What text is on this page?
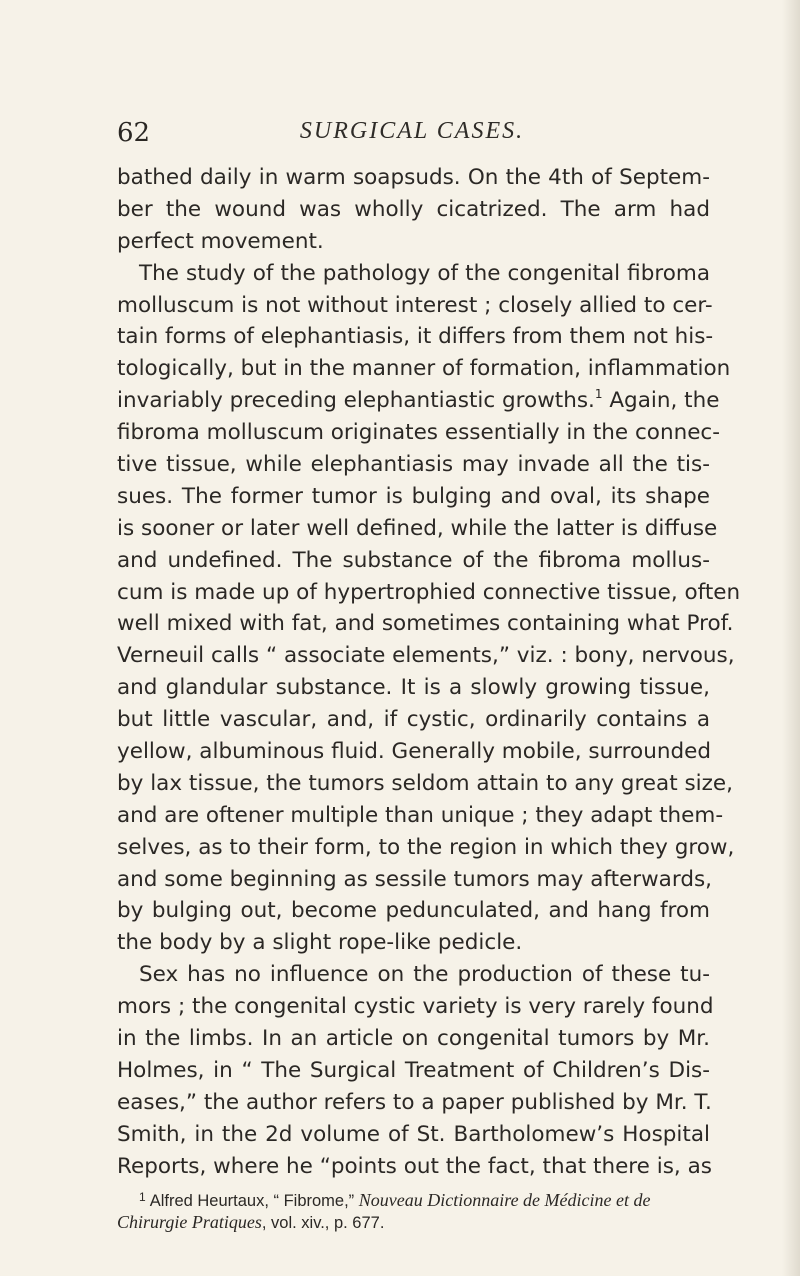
62	SURGICAL CASES.
bathed daily in warm soapsuds. On the 4th of Septem-
ber the wound was wholly cicatrized. The arm had
perfect movement.
The study of the pathology of the congenital fibroma
molluscum is not without interest ; closely allied to cer-
tain forms of elephantiasis, it differs from them not his-
tologically, but in the manner of formation, inflammation
invariably preceding elephantiastic growths.$^1$ Again, the
fibroma molluscum originates essentially in the connec-
tive tissue, while elephantiasis may invade all the tis-
sues. The former tumor is bulging and oval, its shape
is sooner or later well defined, while the latter is diffuse
and undefined. The substance of the fibroma mollus-
cum is made up of hypertrophied connective tissue, often
well mixed with fat, and sometimes containing what Prof.
Verneuil calls “ associate elements,” viz. : bony, nervous,
and glandular substance. It is a slowly growing tissue,
but little vascular, and, if cystic, ordinarily contains a
yellow, albuminous fluid. Generally mobile, surrounded
by lax tissue, the tumors seldom attain to any great size,
and are oftener multiple than unique ; they adapt them-
selves, as to their form, to the region in which they grow,
and some beginning as sessile tumors may afterwards,
by bulging out, become pedunculated, and hang from
the body by a slight rope-like pedicle.
Sex has no influence on the production of these tu-
mors ; the congenital cystic variety is very rarely found
in the limbs. In an article on congenital tumors by Mr.
Holmes, in “ The Surgical Treatment of Children’s Dis-
eases,” the author refers to a paper published by Mr. T.
Smith, in the 2d volume of St. Bartholomew’s Hospital
Reports, where he “points out the fact, that there is, as
$^1$ Alfred Heurtaux, “ Fibrome,” Nouveau Dictionnaire de Médicine et de
Chirurgie Pratiques, vol. xiv., p. 677.
